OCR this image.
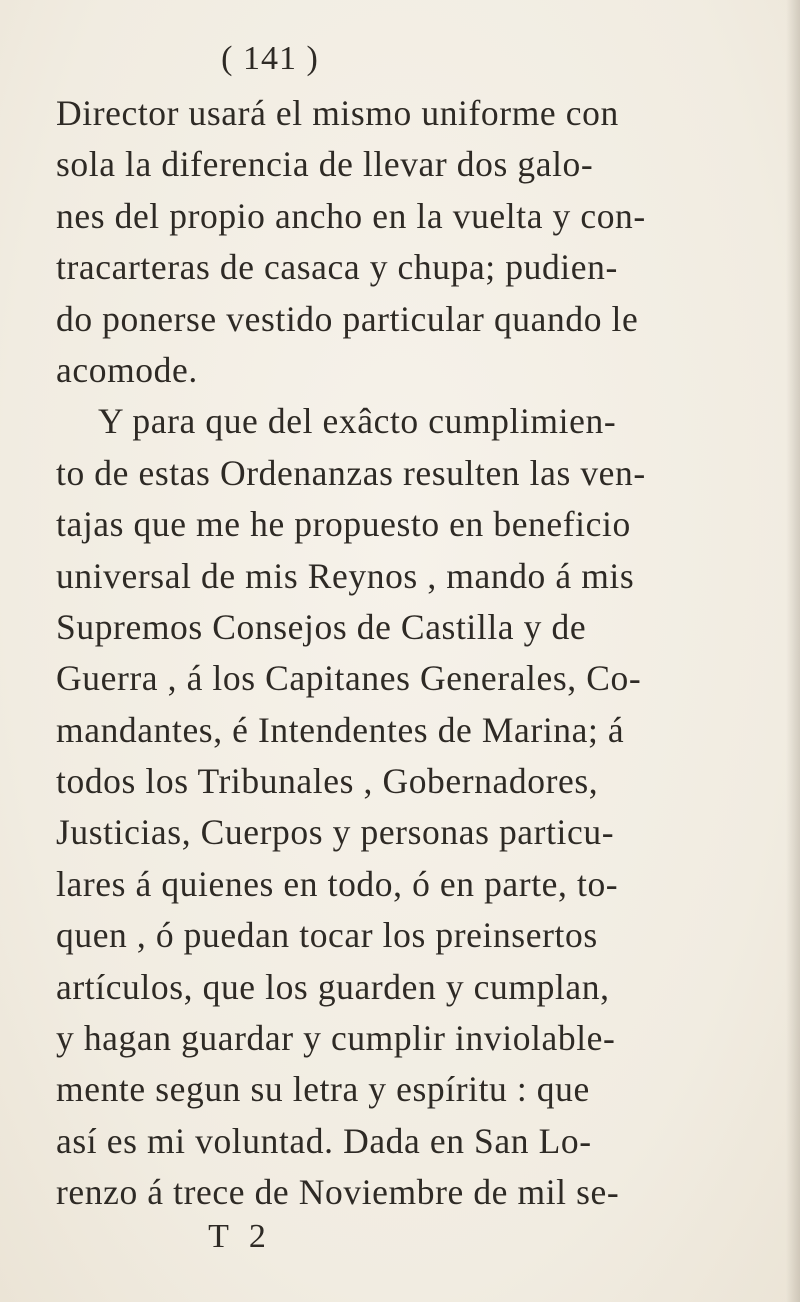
( 141 )
Director usará el mismo uniforme con
sola la diferencia de llevar dos galo-
nes del propio ancho en la vuelta y con-
tracarteras de casaca y chupa; pudien-
do ponerse vestido particular quando le
acomode.
Y para que del exâcto cumplimien-
to de estas Ordenanzas resulten las ven-
tajas que me he propuesto en beneficio
universal de mis Reynos , mando á mis
Supremos Consejos de Castilla y de
Guerra , á los Capitanes Generales, Co-
mandantes, é Intendentes de Marina; á
todos los Tribunales , Gobernadores,
Justicias, Cuerpos y personas particu-
lares á quienes en todo, ó en parte, to-
quen , ó puedan tocar los preinsertos
artículos, que los guarden y cumplan,
y hagan guardar y cumplir inviolable-
mente segun su letra y espíritu : que
así es mi voluntad. Dada en San Lo-
renzo á trece de Noviembre de mil se-
T 2
